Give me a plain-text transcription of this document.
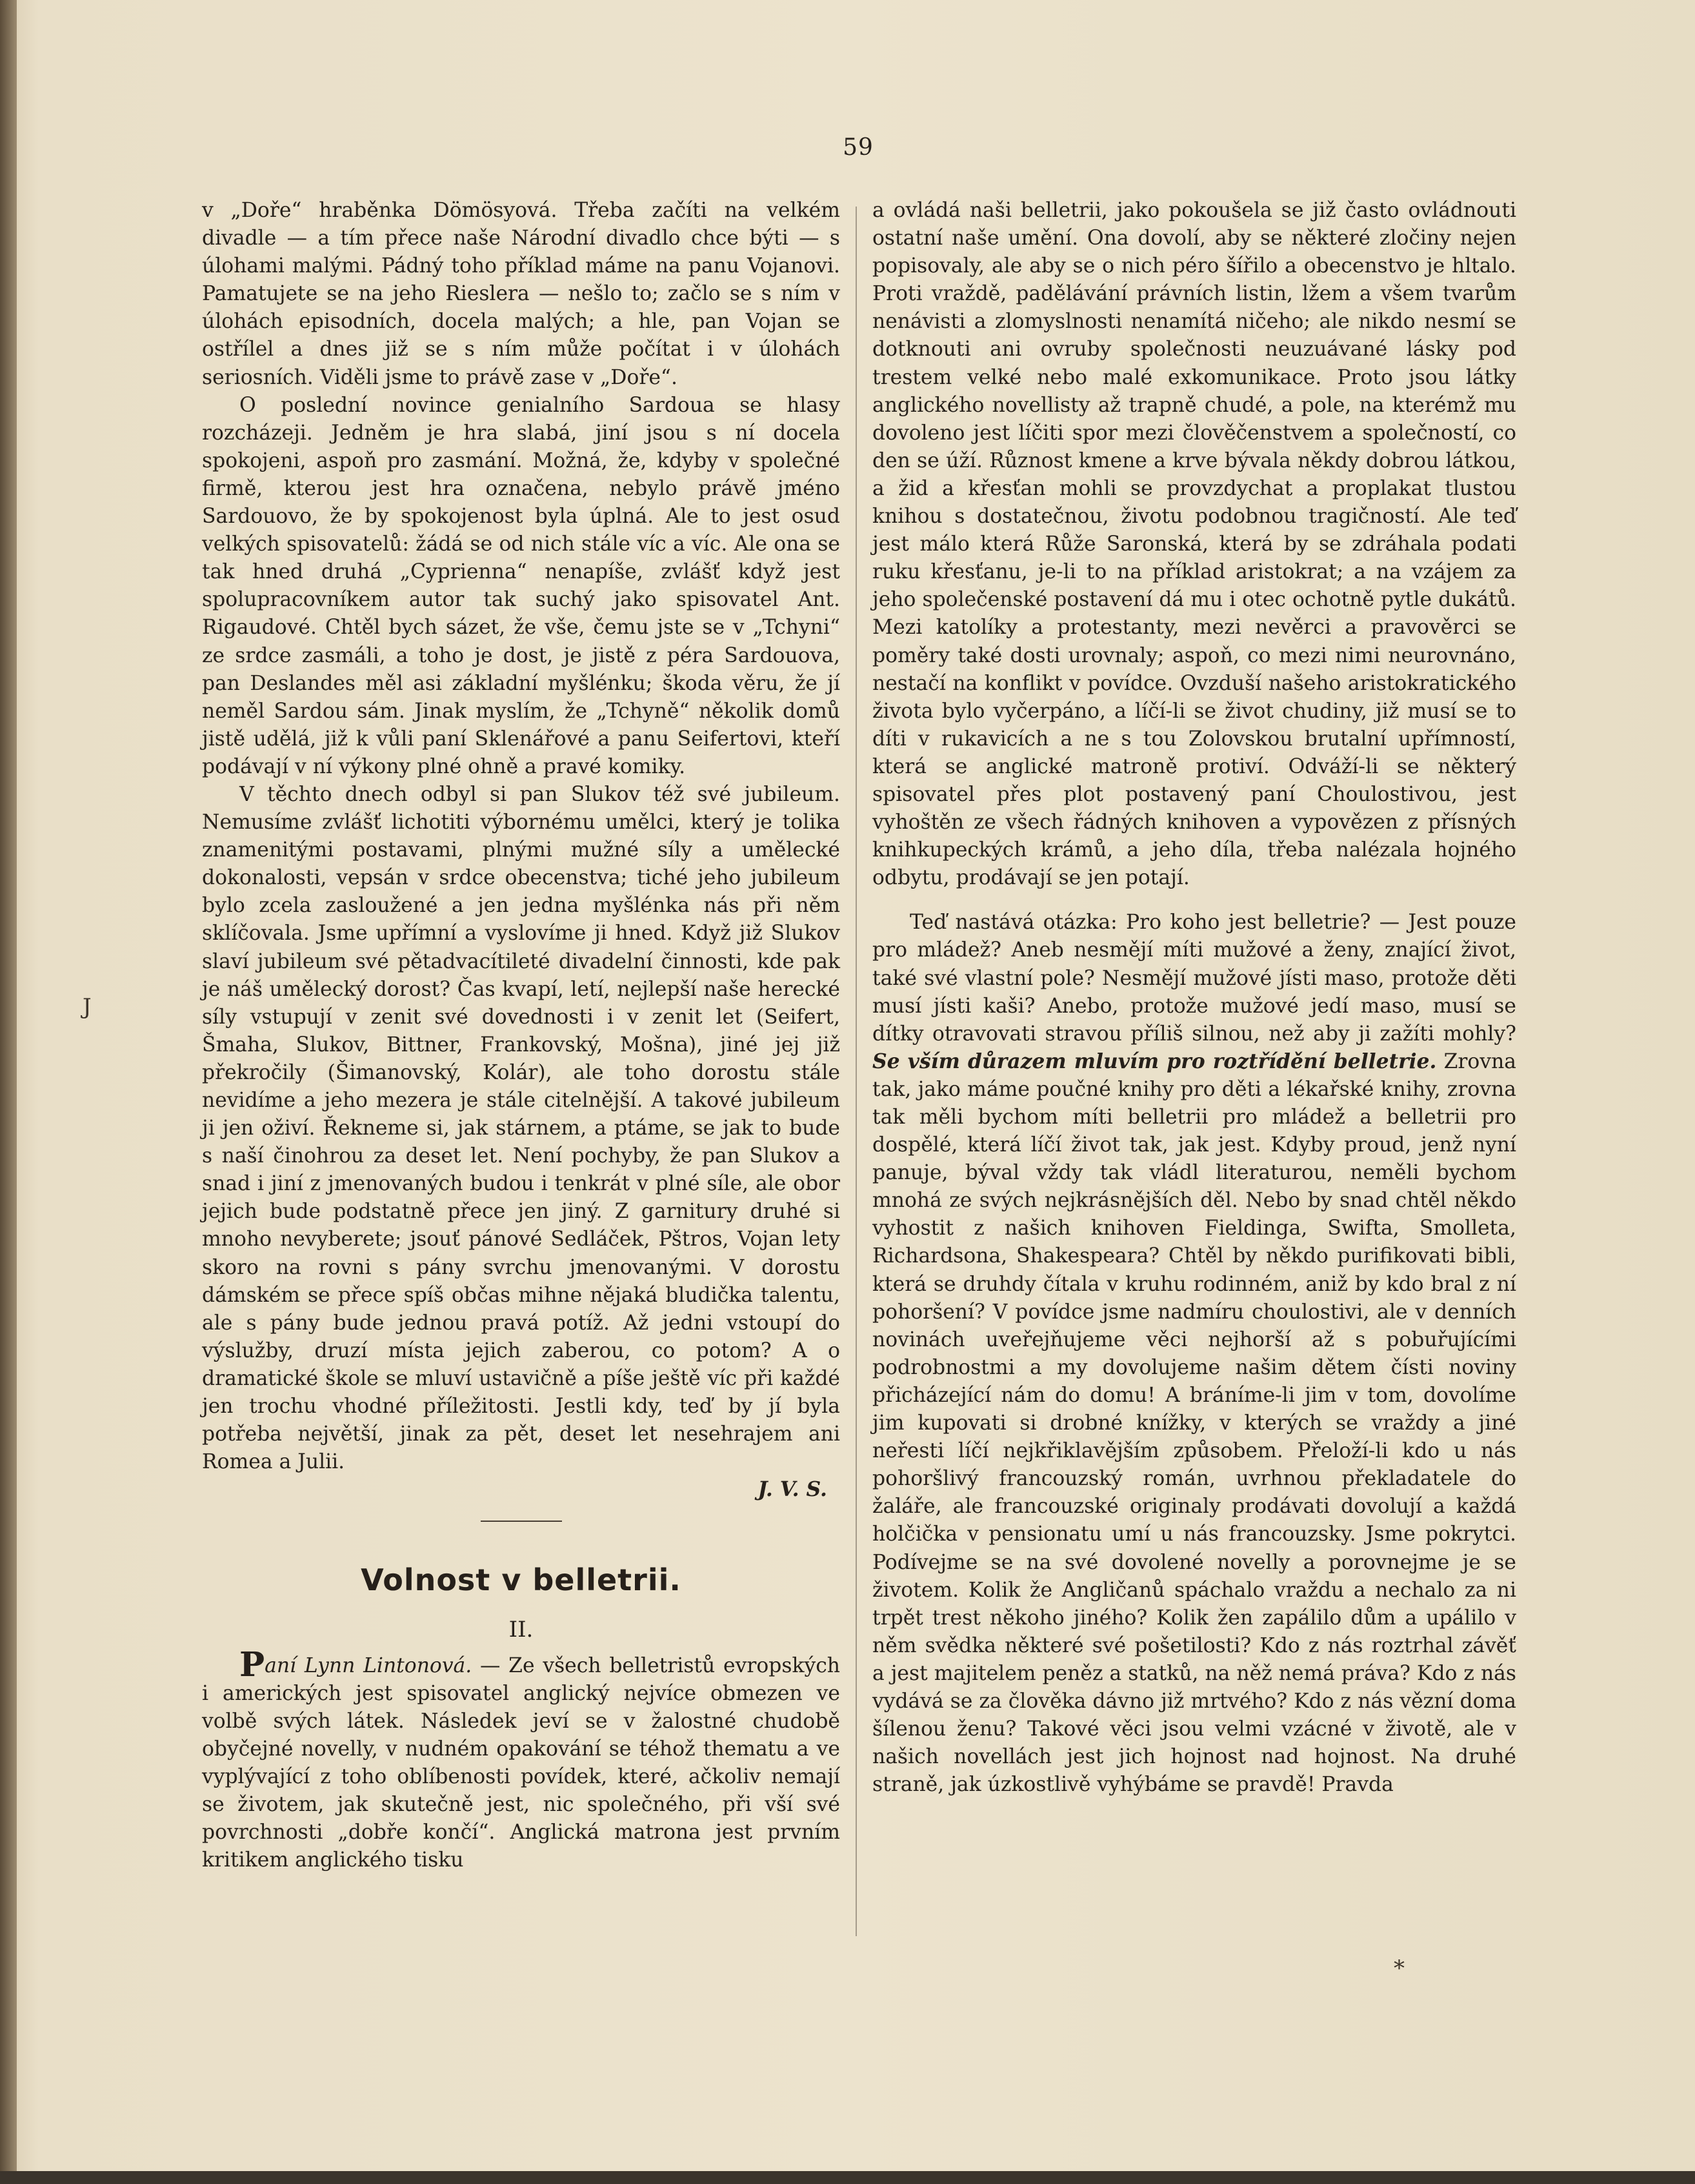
59

v „Doře“ hraběnka Dömösyová. Třeba začíti na velkém divadle — a tím přece naše Národní divadlo chce býti — s úlohami malými. Pádný toho příklad máme na panu Vojanovi. Pamatujete se na jeho Rieslera — nešlo to; začlo se s ním v úlohách episodních, docela malých; a hle, pan Vojan se ostřílel a dnes již se s ním může počítat i v úlohách seriosních. Viděli jsme to právě zase v „Doře“.

O poslední novince genialního Sardoua se hlasy rozcházeji. Jedněm je hra slabá, jiní jsou s ní docela spokojeni, aspoň pro zasmání. Možná, že, kdyby v společné firmě, kterou jest hra označena, nebylo právě jméno Sardouovo, že by spokojenost byla úplná. Ale to jest osud velkých spisovatelů: žádá se od nich stále víc a víc. Ale ona se tak hned druhá „Cyprienna“ nenapíše, zvlášť když jest spolupracovníkem autor tak suchý jako spisovatel Ant. Rigaudové. Chtěl bych sázet, že vše, čemu jste se v „Tchyni“ ze srdce zasmáli, a toho je dost, je jistě z péra Sardouova, pan Deslandes měl asi základní myšlénku; škoda věru, že jí neměl Sardou sám. Jinak myslím, že „Tchyně“ několik domů jistě udělá, již k vůli paní Sklenářové a panu Seifertovi, kteří podávají v ní výkony plné ohně a pravé komiky.

V těchto dnech odbyl si pan Slukov též své jubileum. Nemusíme zvlášť lichotiti výbornému umělci, který je tolika znamenitými postavami, plnými mužné síly a umělecké dokonalosti, vepsán v srdce obecenstva; tiché jeho jubileum bylo zcela zasloužené a jen jedna myšlénka nás při něm sklíčovala. Jsme upřímní a vyslovíme ji hned. Když již Slukov slaví jubileum své pětadvacítileté divadelní činnosti, kde pak je náš umělecký dorost? Čas kvapí, letí, nejlepší naše herecké síly vstupují v zenit své dovednosti i v zenit let (Seifert, Šmaha, Slukov, Bittner, Frankovský, Mošna), jiné jej již překročily (Šimanovský, Kolár), ale toho dorostu stále nevidíme a jeho mezera je stále citelnější. A takové jubileum ji jen oživí. Řekneme si, jak stárnem, a ptáme, se jak to bude s naší činohrou za deset let. Není pochyby, že pan Slukov a snad i jiní z jmenovaných budou i tenkrát v plné síle, ale obor jejich bude podstatně přece jen jiný. Z garnitury druhé si mnoho nevyberete; jsouť pánové Sedláček, Pštros, Vojan lety skoro na rovni s pány svrchu jmenovanými. V dorostu dámském se přece spíš občas mihne nějaká bludička talentu, ale s pány bude jednou pravá potíž. Až jedni vstoupí do výslužby, druzí místa jejich zaberou, co potom? A o dramatické škole se mluví ustavičně a píše ještě víc při každé jen trochu vhodné příležitosti. Jestli kdy, teď by jí byla potřeba největší, jinak za pět, deset let nesehrajem ani Romea a Julii.

J. V. S.

Volnost v belletrii.

II.

Paní Lynn Lintonová. — Ze všech belletristů evropských i amerických jest spisovatel anglický nejvíce obmezen ve volbě svých látek. Následek jeví se v žalostné chudobě obyčejné novelly, v nudném opakování se téhož thematu a ve vyplývající z toho oblíbenosti povídek, které, ačkoliv nemají se životem, jak skutečně jest, nic společného, při vší své povrchnosti „dobře končí“. Anglická matrona jest prvním kritikem anglického tisku

a ovládá naši belletrii, jako pokoušela se již často ovládnouti ostatní naše umění. Ona dovolí, aby se některé zločiny nejen popisovaly, ale aby se o nich péro šířilo a obecenstvo je hltalo. Proti vraždě, padělávání právních listin, lžem a všem tvarům nenávisti a zlomyslnosti nenamítá ničeho; ale nikdo nesmí se dotknouti ani ovruby společnosti neuzuávané lásky pod trestem velké nebo malé exkomunikace. Proto jsou látky anglického novellisty až trapně chudé, a pole, na kterémž mu dovoleno jest líčiti spor mezi člověčenstvem a společností, co den se úží. Různost kmene a krve bývala někdy dobrou látkou, a žid a křesťan mohli se provzdychat a proplakat tlustou knihou s dostatečnou, životu podobnou tragičností. Ale teď jest málo která Růže Saronská, která by se zdráhala podati ruku křesťanu, je-li to na příklad aristokrat; a na vzájem za jeho společenské postavení dá mu i otec ochotně pytle dukátů. Mezi katolíky a protestanty, mezi nevěrci a pravověrci se poměry také dosti urovnaly; aspoň, co mezi nimi neurovnáno, nestačí na konflikt v povídce. Ovzduší našeho aristokratického života bylo vyčerpáno, a líčí-li se život chudiny, již musí se to díti v rukavicích a ne s tou Zolovskou brutalní upřímností, která se anglické matroně protiví. Odváží-li se některý spisovatel přes plot postavený paní Choulostivou, jest vyhoštěn ze všech řádných knihoven a vypovězen z přísných knihkupeckých krámů, a jeho díla, třeba nalézala hojného odbytu, prodávají se jen potají.

Teď nastává otázka: Pro koho jest belletrie? — Jest pouze pro mládež? Aneb nesmějí míti mužové a ženy, znající život, také své vlastní pole? Nesmějí mužové jísti maso, protože děti musí jísti kaši? Anebo, protože mužové jedí maso, musí se dítky otravovati stravou příliš silnou, než aby ji zažíti mohly? Se vším důrazem mluvím pro roztřídění belletrie. Zrovna tak, jako máme poučné knihy pro děti a lékařské knihy, zrovna tak měli bychom míti belletrii pro mládež a belletrii pro dospělé, která líčí život tak, jak jest. Kdyby proud, jenž nyní panuje, býval vždy tak vládl literaturou, neměli bychom mnohá ze svých nejkrásnějších děl. Nebo by snad chtěl někdo vyhostit z našich knihoven Fieldinga, Swifta, Smolleta, Richardsona, Shakespeara? Chtěl by někdo purifikovati bibli, která se druhdy čítala v kruhu rodinném, aniž by kdo bral z ní pohoršení? V povídce jsme nadmíru choulostivi, ale v denních novinách uveřejňujeme věci nejhorší až s pobuřujícími podrobnostmi a my dovolujeme našim dětem čísti noviny přicházející nám do domu! A bráníme-li jim v tom, dovolíme jim kupovati si drobné knížky, v kterých se vraždy a jiné neřesti líčí nejkřiklavějším způsobem. Přeloží-li kdo u nás pohoršlivý francouzský román, uvrhnou překladatele do žaláře, ale francouzské originaly prodávati dovolují a každá holčička v pensionatu umí u nás francouzsky. Jsme pokrytci. Podívejme se na své dovolené novelly a porovnejme je se životem. Kolik že Angličanů spáchalo vraždu a nechalo za ni trpět trest někoho jiného? Kolik žen zapálilo dům a upálilo v něm svědka některé své pošetilosti? Kdo z nás roztrhal závěť a jest majitelem peněz a statků, na něž nemá práva? Kdo z nás vydává se za člověka dávno již mrtvého? Kdo z nás vězní doma šílenou ženu? Takové věci jsou velmi vzácné v životě, ale v našich novellách jest jich hojnost nad hojnost. Na druhé straně, jak úzkostlivě vyhýbáme se pravdě! Pravda

J
*
